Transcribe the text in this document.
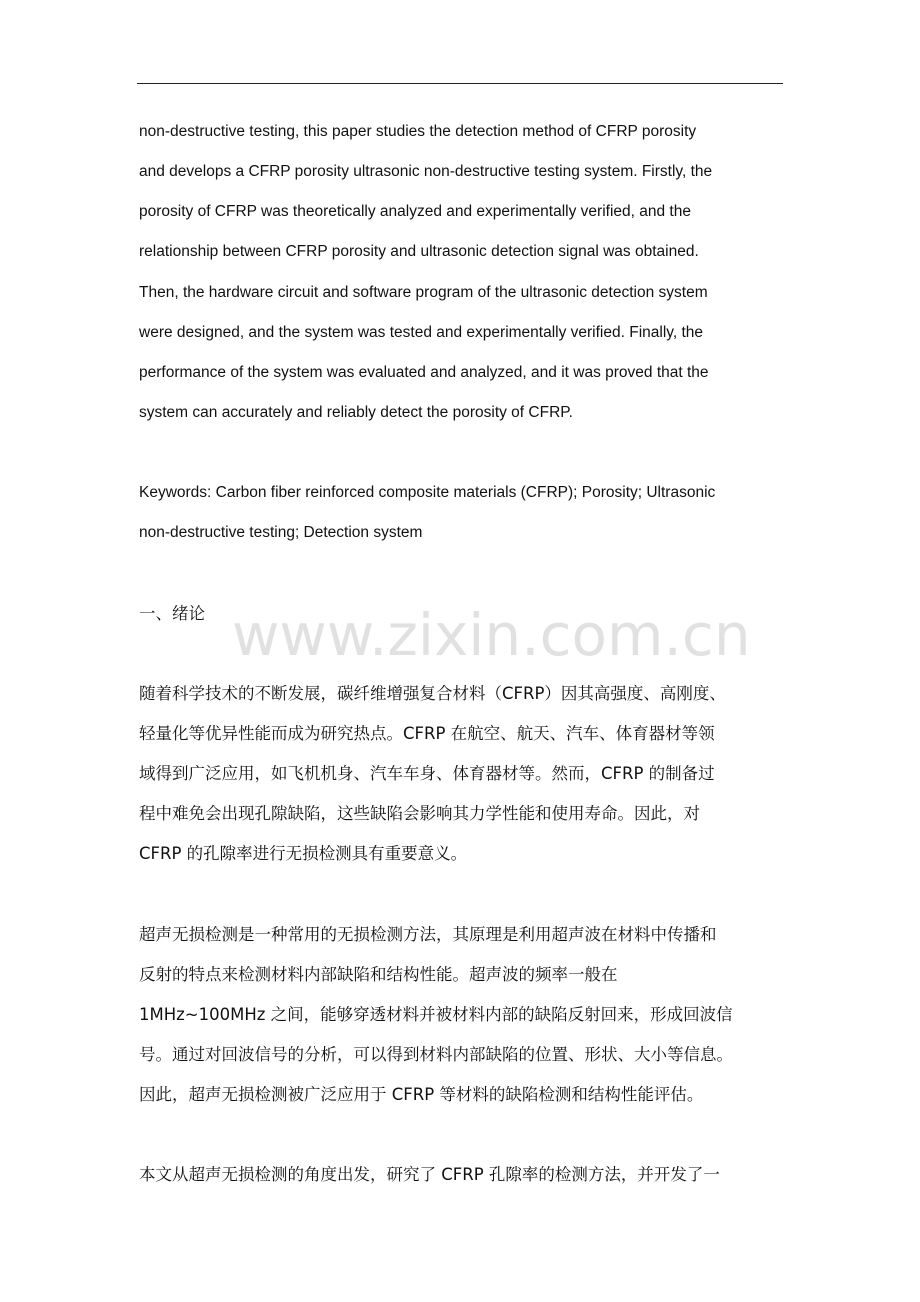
non-destructive testing, this paper studies the detection method of CFRP porosity
and develops a CFRP porosity ultrasonic non-destructive testing system. Firstly, the
porosity of CFRP was theoretically analyzed and experimentally verified, and the
relationship between CFRP porosity and ultrasonic detection signal was obtained.
Then, the hardware circuit and software program of the ultrasonic detection system
were designed, and the system was tested and experimentally verified. Finally, the
performance of the system was evaluated and analyzed, and it was proved that the
system can accurately and reliably detect the porosity of CFRP.
Keywords: Carbon fiber reinforced composite materials (CFRP); Porosity; Ultrasonic
non-destructive testing; Detection system
www.zixin.com.cn
一、绪论
随着科学技术的不断发展，碳纤维增强复合材料（CFRP）因其高强度、高刚度、
轻量化等优异性能而成为研究热点。CFRP 在航空、航天、汽车、体育器材等领
域得到广泛应用，如飞机机身、汽车车身、体育器材等。然而，CFRP 的制备过
程中难免会出现孔隙缺陷，这些缺陷会影响其力学性能和使用寿命。因此，对
CFRP 的孔隙率进行无损检测具有重要意义。
超声无损检测是一种常用的无损检测方法，其原理是利用超声波在材料中传播和
反射的特点来检测材料内部缺陷和结构性能。超声波的频率一般在
1MHz~100MHz 之间，能够穿透材料并被材料内部的缺陷反射回来，形成回波信
号。通过对回波信号的分析，可以得到材料内部缺陷的位置、形状、大小等信息。
因此，超声无损检测被广泛应用于 CFRP 等材料的缺陷检测和结构性能评估。
本文从超声无损检测的角度出发，研究了 CFRP 孔隙率的检测方法，并开发了一
